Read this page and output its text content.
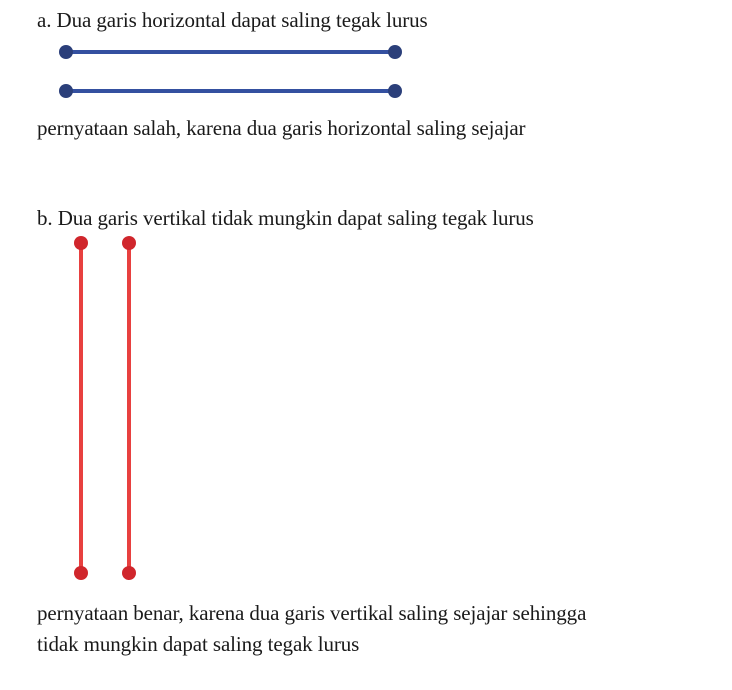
a. Dua garis horizontal dapat saling tegak lurus
pernyataan salah, karena dua garis horizontal saling sejajar
b. Dua garis vertikal tidak mungkin dapat saling tegak lurus
pernyataan benar, karena dua garis vertikal saling sejajar sehingga
tidak mungkin dapat saling tegak lurus
